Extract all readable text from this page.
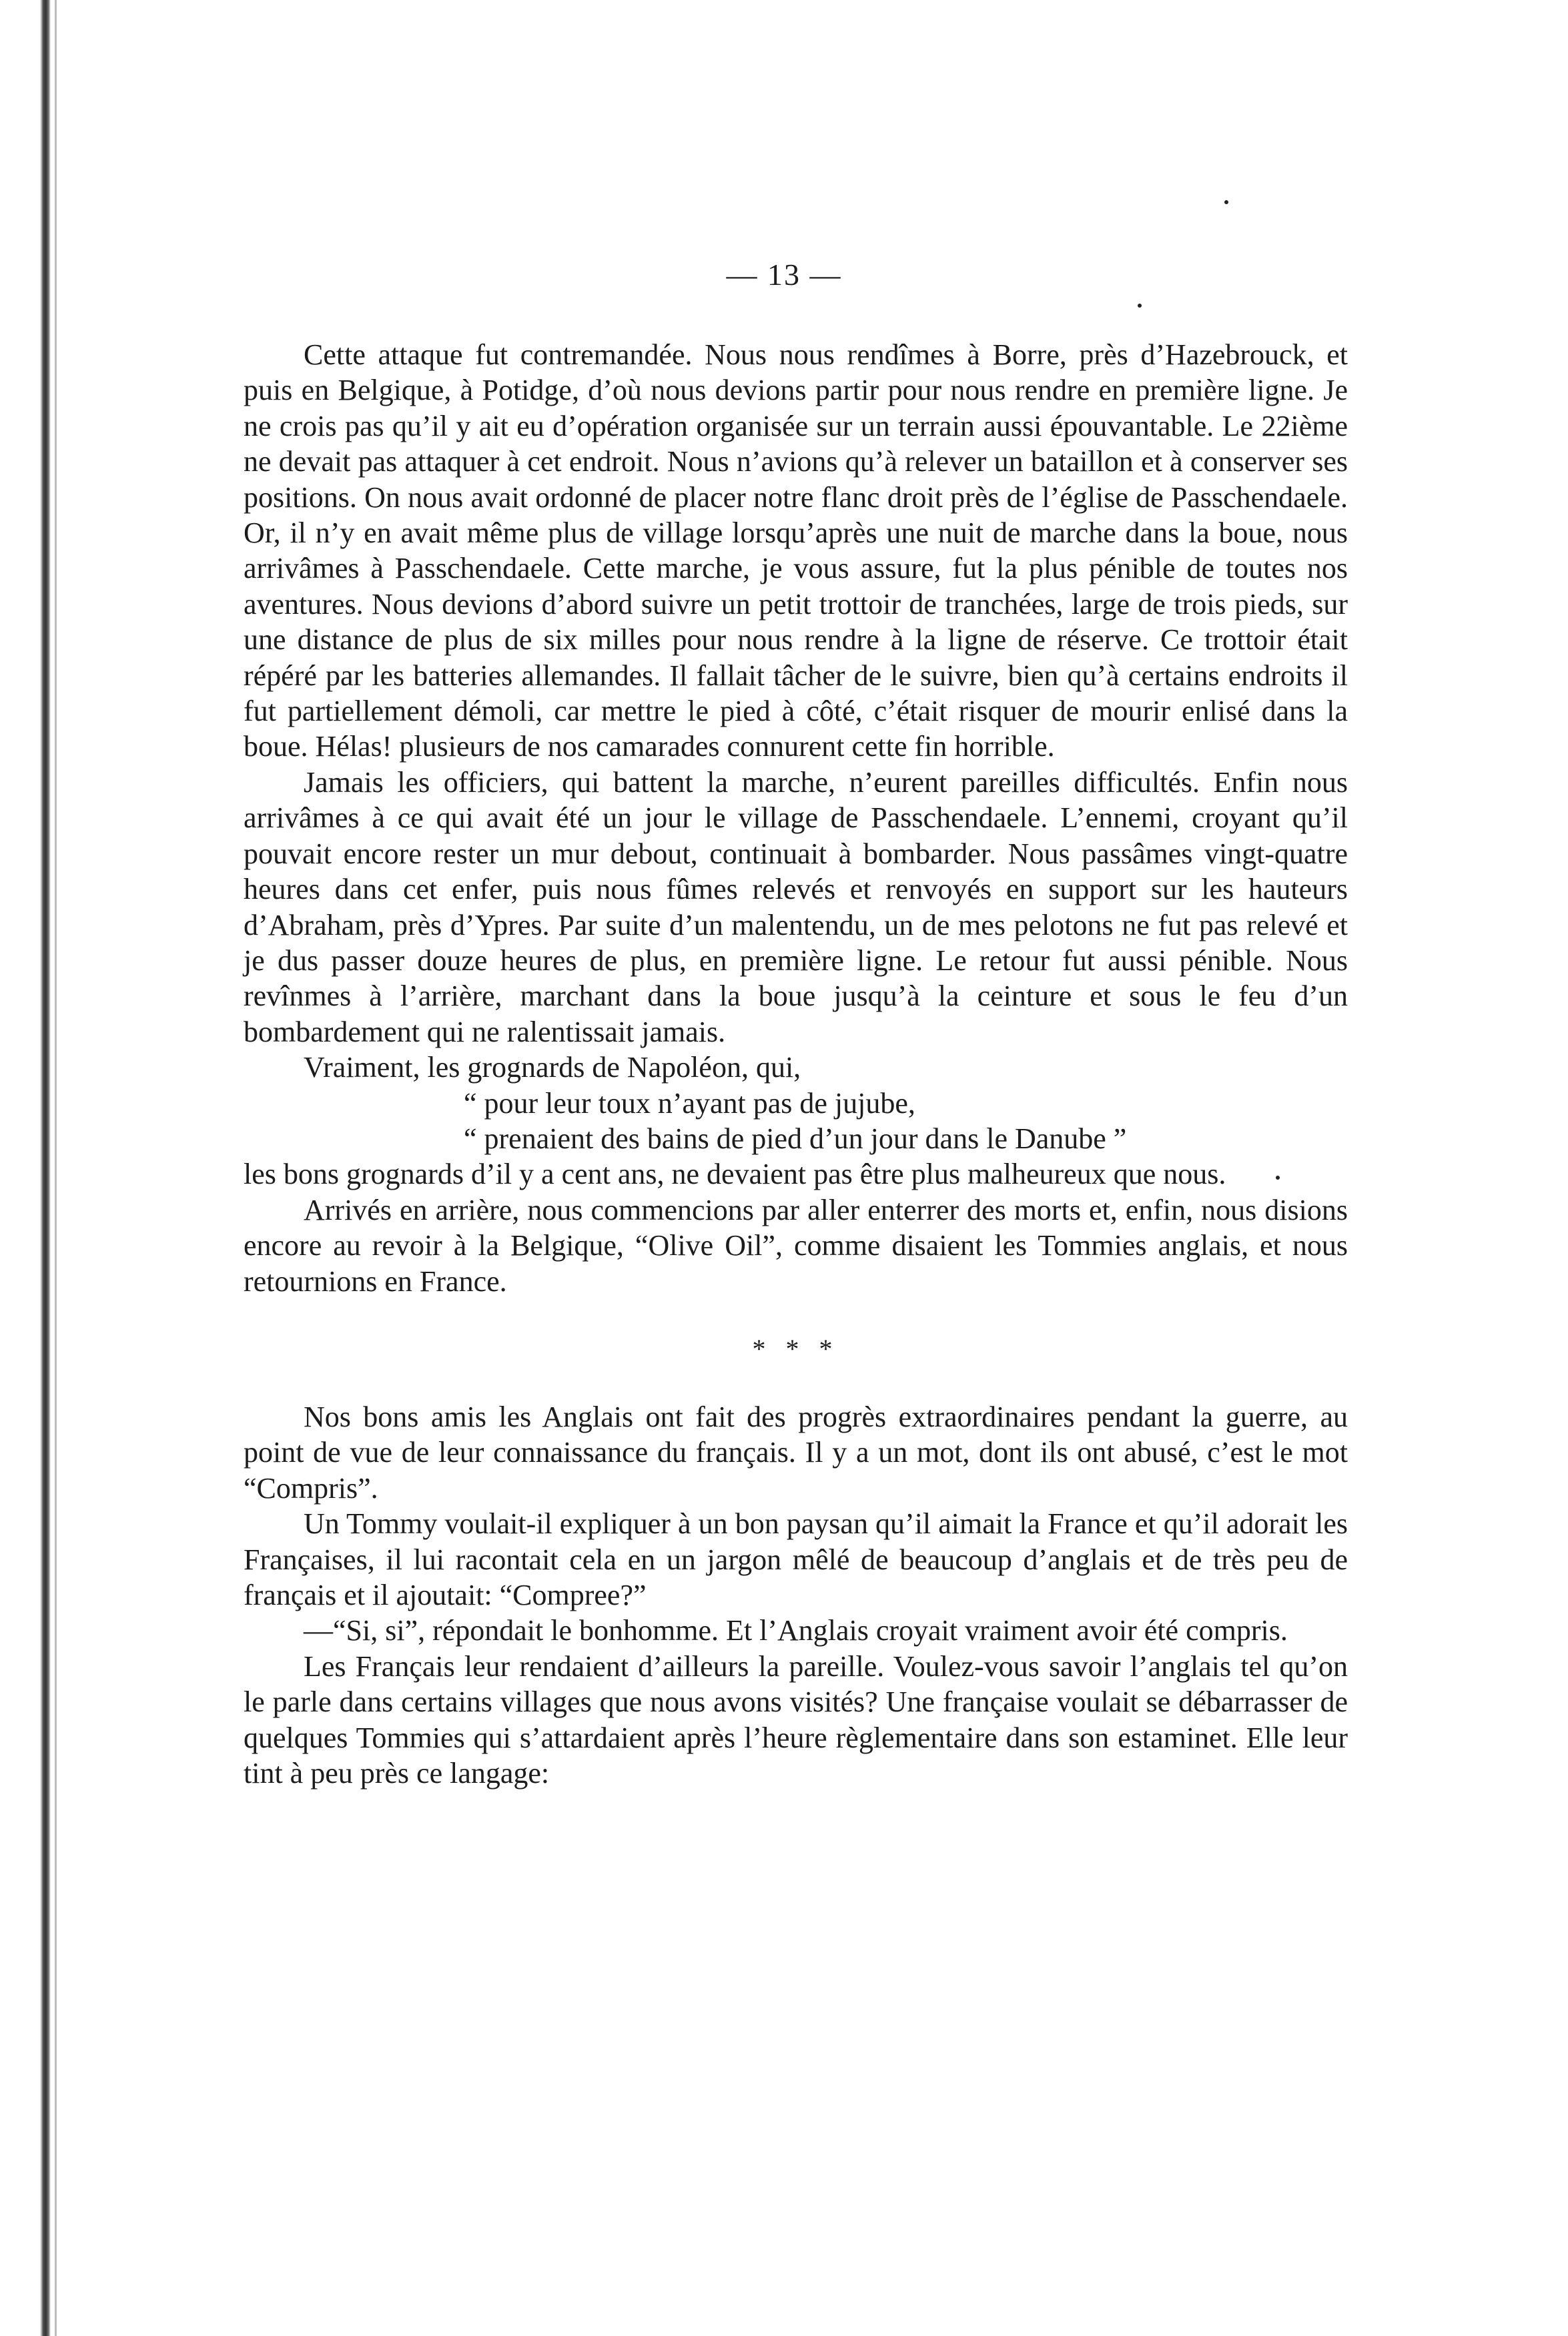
— 13 —

Cette attaque fut contremandée. Nous nous rendîmes à Borre, près d’Hazebrouck, et puis en Belgique, à Potidge, d’où nous devions partir pour nous rendre en première ligne. Je ne crois pas qu’il y ait eu d’opération organisée sur un terrain aussi épouvantable. Le 22ième ne devait pas attaquer à cet endroit. Nous n’avions qu’à relever un bataillon et à conserver ses positions. On nous avait ordonné de placer notre flanc droit près de l’église de Passchendaele. Or, il n’y en avait même plus de village lorsqu’après une nuit de marche dans la boue, nous arrivâmes à Passchendaele. Cette marche, je vous assure, fut la plus pénible de toutes nos aventures. Nous devions d’abord suivre un petit trottoir de tranchées, large de trois pieds, sur une distance de plus de six milles pour nous rendre à la ligne de réserve. Ce trottoir était répéré par les batteries allemandes. Il fallait tâcher de le suivre, bien qu’à certains endroits il fut partiellement démoli, car mettre le pied à côté, c’était risquer de mourir enlisé dans la boue. Hélas! plusieurs de nos camarades connurent cette fin horrible.

Jamais les officiers, qui battent la marche, n’eurent pareilles difficultés. Enfin nous arrivâmes à ce qui avait été un jour le village de Passchendaele. L’ennemi, croyant qu’il pouvait encore rester un mur debout, continuait à bombarder. Nous passâmes vingt-quatre heures dans cet enfer, puis nous fûmes relevés et renvoyés en support sur les hauteurs d’Abraham, près d’Ypres. Par suite d’un malentendu, un de mes pelotons ne fut pas relevé et je dus passer douze heures de plus, en première ligne. Le retour fut aussi pénible. Nous revînmes à l’arrière, marchant dans la boue jusqu’à la ceinture et sous le feu d’un bombardement qui ne ralentissait jamais.

Vraiment, les grognards de Napoléon, qui,

“ pour leur toux n’ayant pas de jujube,

“ prenaient des bains de pied d’un jour dans le Danube ”

les bons grognards d’il y a cent ans, ne devaient pas être plus malheureux que nous.

Arrivés en arrière, nous commencions par aller enterrer des morts et, enfin, nous disions encore au revoir à la Belgique, “Olive Oil”, comme disaient les Tommies anglais, et nous retournions en France.

* * *

Nos bons amis les Anglais ont fait des progrès extraordinaires pendant la guerre, au point de vue de leur connaissance du français. Il y a un mot, dont ils ont abusé, c’est le mot “Compris”.

Un Tommy voulait-il expliquer à un bon paysan qu’il aimait la France et qu’il adorait les Françaises, il lui racontait cela en un jargon mêlé de beaucoup d’anglais et de très peu de français et il ajoutait: “Compree?”

—“Si, si”, répondait le bonhomme. Et l’Anglais croyait vraiment avoir été compris.

Les Français leur rendaient d’ailleurs la pareille. Voulez-vous savoir l’anglais tel qu’on le parle dans certains villages que nous avons visités? Une française voulait se débarrasser de quelques Tommies qui s’attardaient après l’heure règlementaire dans son estaminet. Elle leur tint à peu près ce langage:
